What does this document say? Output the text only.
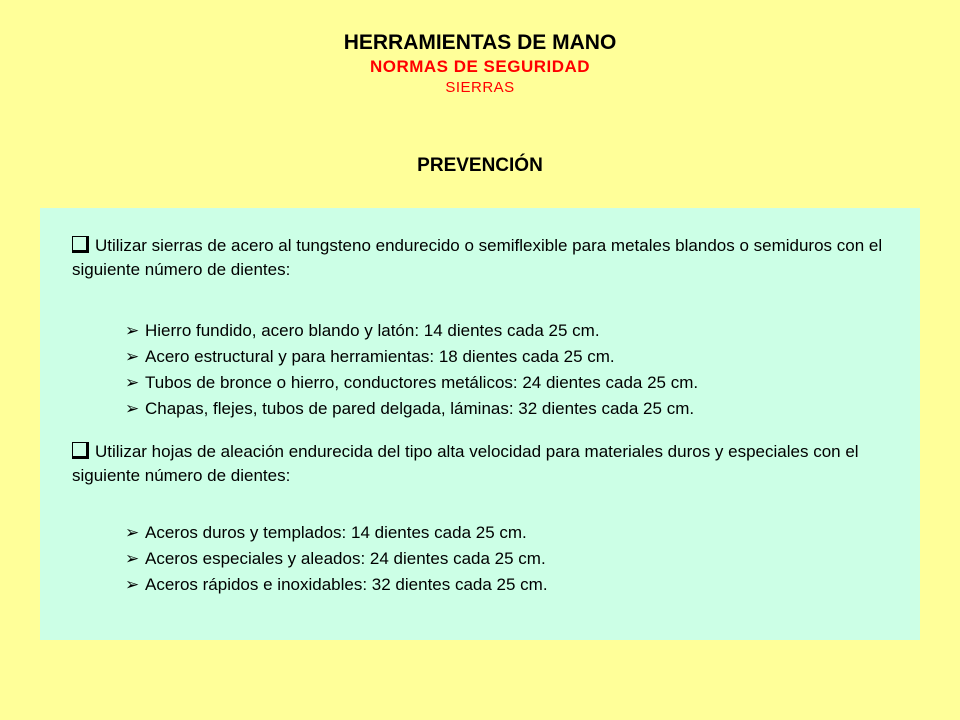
HERRAMIENTAS DE MANO
NORMAS DE SEGURIDAD
SIERRAS
PREVENCIÓN
Utilizar sierras de acero al tungsteno endurecido o semiflexible para metales blandos o semiduros con el siguiente número de dientes:
➢ Hierro fundido, acero blando y latón: 14 dientes cada 25 cm.
➢ Acero estructural y para herramientas: 18 dientes cada 25 cm.
➢ Tubos de bronce o hierro, conductores metálicos: 24 dientes cada 25 cm.
➢ Chapas, flejes, tubos de pared delgada, láminas: 32 dientes cada 25 cm.
Utilizar hojas de aleación endurecida del tipo alta velocidad para materiales duros y especiales con el siguiente número de dientes:
➢ Aceros duros y templados: 14 dientes cada 25 cm.
➢ Aceros especiales y aleados: 24 dientes cada 25 cm.
➢ Aceros rápidos e inoxidables: 32 dientes cada 25 cm.
